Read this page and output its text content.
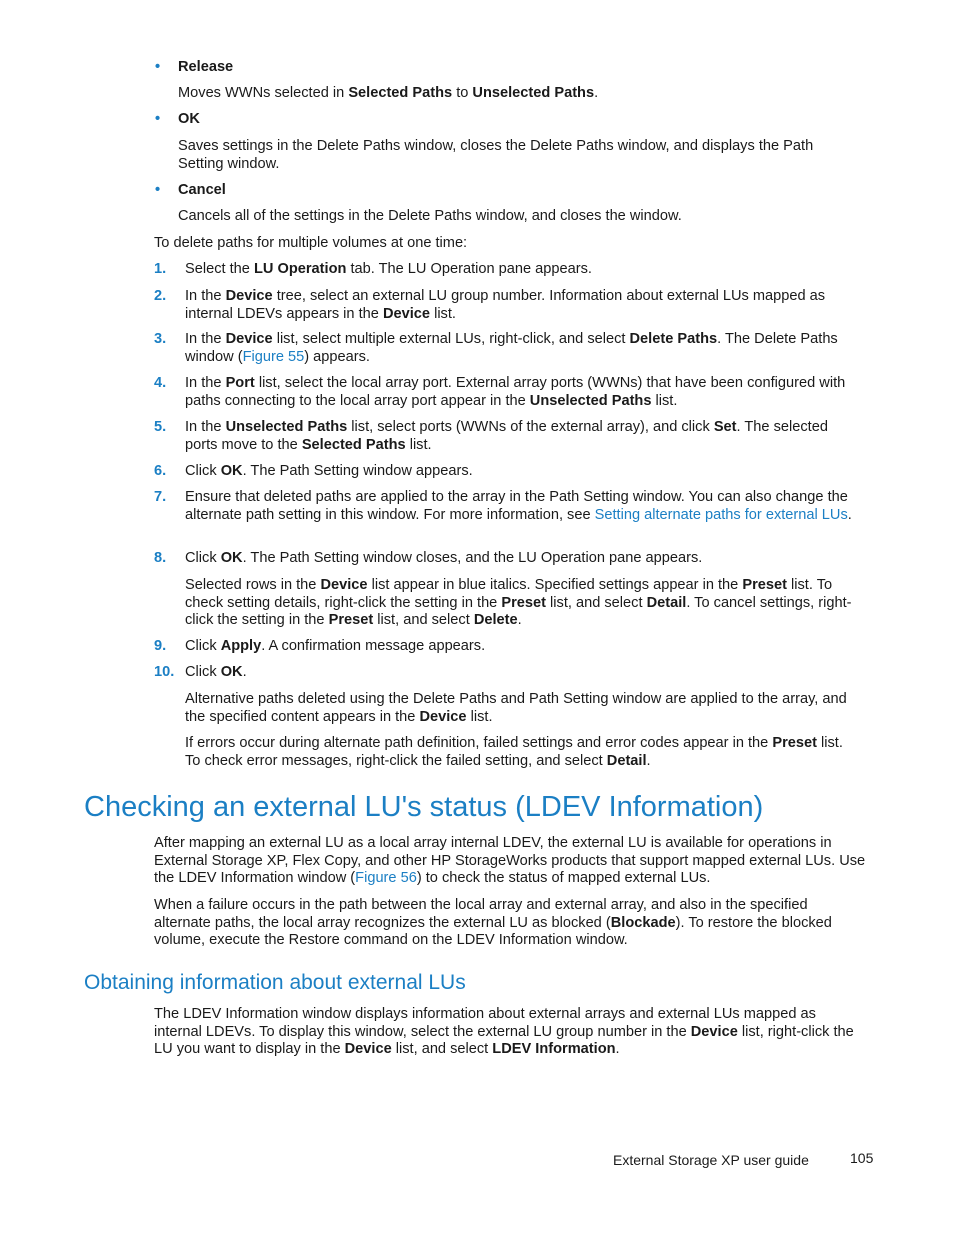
• Release
Moves WWNs selected in Selected Paths to Unselected Paths.
• OK
Saves settings in the Delete Paths window, closes the Delete Paths window, and displays the Path Setting window.
• Cancel
Cancels all of the settings in the Delete Paths window, and closes the window.
To delete paths for multiple volumes at one time:
1. Select the LU Operation tab. The LU Operation pane appears.
2. In the Device tree, select an external LU group number. Information about external LUs mapped as internal LDEVs appears in the Device list.
3. In the Device list, select multiple external LUs, right-click, and select Delete Paths. The Delete Paths window (Figure 55) appears.
4. In the Port list, select the local array port. External array ports (WWNs) that have been configured with paths connecting to the local array port appear in the Unselected Paths list.
5. In the Unselected Paths list, select ports (WWNs of the external array), and click Set. The selected ports move to the Selected Paths list.
6. Click OK. The Path Setting window appears.
7. Ensure that deleted paths are applied to the array in the Path Setting window. You can also change the alternate path setting in this window. For more information, see Setting alternate paths for external LUs.
8. Click OK. The Path Setting window closes, and the LU Operation pane appears.
Selected rows in the Device list appear in blue italics. Specified settings appear in the Preset list. To check setting details, right-click the setting in the Preset list, and select Detail. To cancel settings, right-click the setting in the Preset list, and select Delete.
9. Click Apply. A confirmation message appears.
10. Click OK.
Alternative paths deleted using the Delete Paths and Path Setting window are applied to the array, and the specified content appears in the Device list.
If errors occur during alternate path definition, failed settings and error codes appear in the Preset list. To check error messages, right-click the failed setting, and select Detail.
Checking an external LU's status (LDEV Information)
After mapping an external LU as a local array internal LDEV, the external LU is available for operations in External Storage XP, Flex Copy, and other HP StorageWorks products that support mapped external LUs. Use the LDEV Information window (Figure 56) to check the status of mapped external LUs.
When a failure occurs in the path between the local array and external array, and also in the specified alternate paths, the local array recognizes the external LU as blocked (Blockade). To restore the blocked volume, execute the Restore command on the LDEV Information window.
Obtaining information about external LUs
The LDEV Information window displays information about external arrays and external LUs mapped as internal LDEVs. To display this window, select the external LU group number in the Device list, right-click the LU you want to display in the Device list, and select LDEV Information.
External Storage XP user guide	105
